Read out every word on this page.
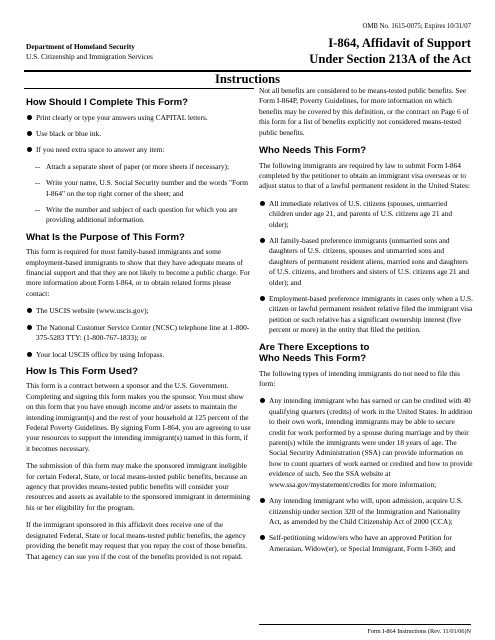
Department of Homeland Security
U.S. Citizenship and Immigration Services
OMB No. 1615-0075; Expires 10/31/07
I-864, Affidavit of Support
Under Section 213A of the Act
Instructions
How Should I Complete This Form?
Print clearly or type your answers using CAPITAL letters.
Use black or blue ink.
If you need extra space to answer any item:
-- Attach a separate sheet of paper (or more sheets if necessary);
-- Write your name, U.S. Social Security number and the words "Form I-864" on the top right corner of the sheet; and
-- Write the number and subject of each question for which you are providing additional information.
What Is the Purpose of This Form?

This form is required for most family-based immigrants and some employment-based immigrants to show that they have adequate means of financial support and that they are not likely to become a public charge. For more information about Form I-864, or to obtain related forms please contact:

The USCIS website (www.uscis.gov);
The National Customer Service Center (NCSC) telephone line at 1-800-375-5283 TTY: (1-800-767-1833); or
Your local USCIS office by using Infopass.
How Is This Form Used?

This form is a contract between a sponsor and the U.S. Government. Completing and signing this form makes you the sponsor. You must show on this form that you have enough income and/or assets to maintain the intending immigrant(s) and the rest of your household at 125 percent of the Federal Poverty Guidelines. By signing Form I-864, you are agreeing to use your resources to support the intending immigrant(s) named in this form, if it becomes necessary.

The submission of this form may make the sponsored immigrant ineligible for certain Federal, State, or local means-tested public benefits, because an agency that provides means-tested public benefits will consider your resources and assets as available to the sponsored immigrant in determining his or her eligibility for the program.

If the immigrant sponsored in this affidavit does receive one of the designated Federal, State or local means-tested public benefits, the agency providing the benefit may request that you repay the cost of those benefits. That agency can sue you if the cost of the benefits provided is not repaid.

Not all benefits are considered to be means-tested public benefits. See Form I-864P, Poverty Guidelines, for more information on which benefits may be covered by this definition, or the contract on Page 6 of this form for a list of benefits explicitly not considered means-tested public benefits.

Who Needs This Form?

The following immigrants are required by law to submit Form I-864 completed by the petitioner to obtain an immigrant visa overseas or to adjust status to that of a lawful permanent resident in the United States:

All immediate relatives of U.S. citizens (spouses, unmarried children under age 21, and parents of U.S. citizens age 21 and older);
All family-based preference immigrants (unmarried sons and daughters of U.S. citizens, spouses and unmarried sons and daughters of permanent resident aliens, married sons and daughters of U.S. citizens, and brothers and sisters of U.S. citizens age 21 and older); and
Employment-based preference immigrants in cases only when a U.S. citizen or lawful permanent resident relative filed the immigrant visa petition or such relative has a significant ownership interest (five percent or more) in the entity that filed the petition.
Are There Exceptions to
Who Needs This Form?

The following types of intending immigrants do not need to file this form:

Any intending immigrant who has earned or can be credited with 40 qualifying quarters (credits) of work in the United States. In addition to their own work, intending immigrants may be able to secure credit for work performed by a spouse during marriage and by their parent(s) while the immigrants were under 18 years of age. The Social Security Administration (SSA) can provide information on how to count quarters of work earned or credited and how to provide evidence of such. See the SSA website at www.ssa.gov/mystatement/credits for more information;
Any intending immigrant who will, upon admission, acquire U.S. citizenship under section 320 of the Immigration and Nationality Act, as amended by the Child Citizenship Act of 2000 (CCA);
Self-petitioning widow/ers who have an approved Petition for Amerasian, Widow(er), or Special Immigrant, Form I-360; and
Form I-864 Instructions (Rev. 11/01/06)N
